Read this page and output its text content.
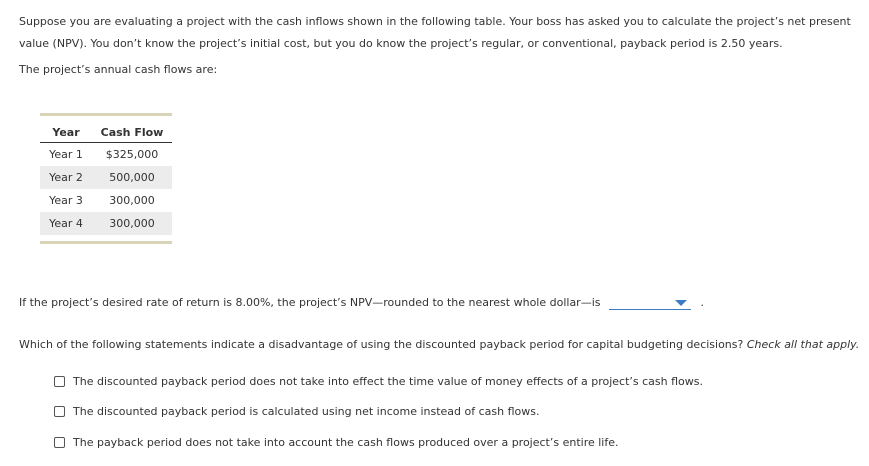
Suppose you are evaluating a project with the cash inflows shown in the following table. Your boss has asked you to calculate the project’s net present value (NPV). You don’t know the project’s initial cost, but you do know the project’s regular, or conventional, payback period is 2.50 years.
The project’s annual cash flows are:
Year	Cash Flow
Year 1	$325,000
Year 2	500,000
Year 3	300,000
Year 4	300,000
If the project’s desired rate of return is 8.00%, the project’s NPV—rounded to the nearest whole dollar—is	.
Which of the following statements indicate a disadvantage of using the discounted payback period for capital budgeting decisions? Check all that apply.
The discounted payback period does not take into effect the time value of money effects of a project’s cash flows.
The discounted payback period is calculated using net income instead of cash flows.
The payback period does not take into account the cash flows produced over a project’s entire life.
